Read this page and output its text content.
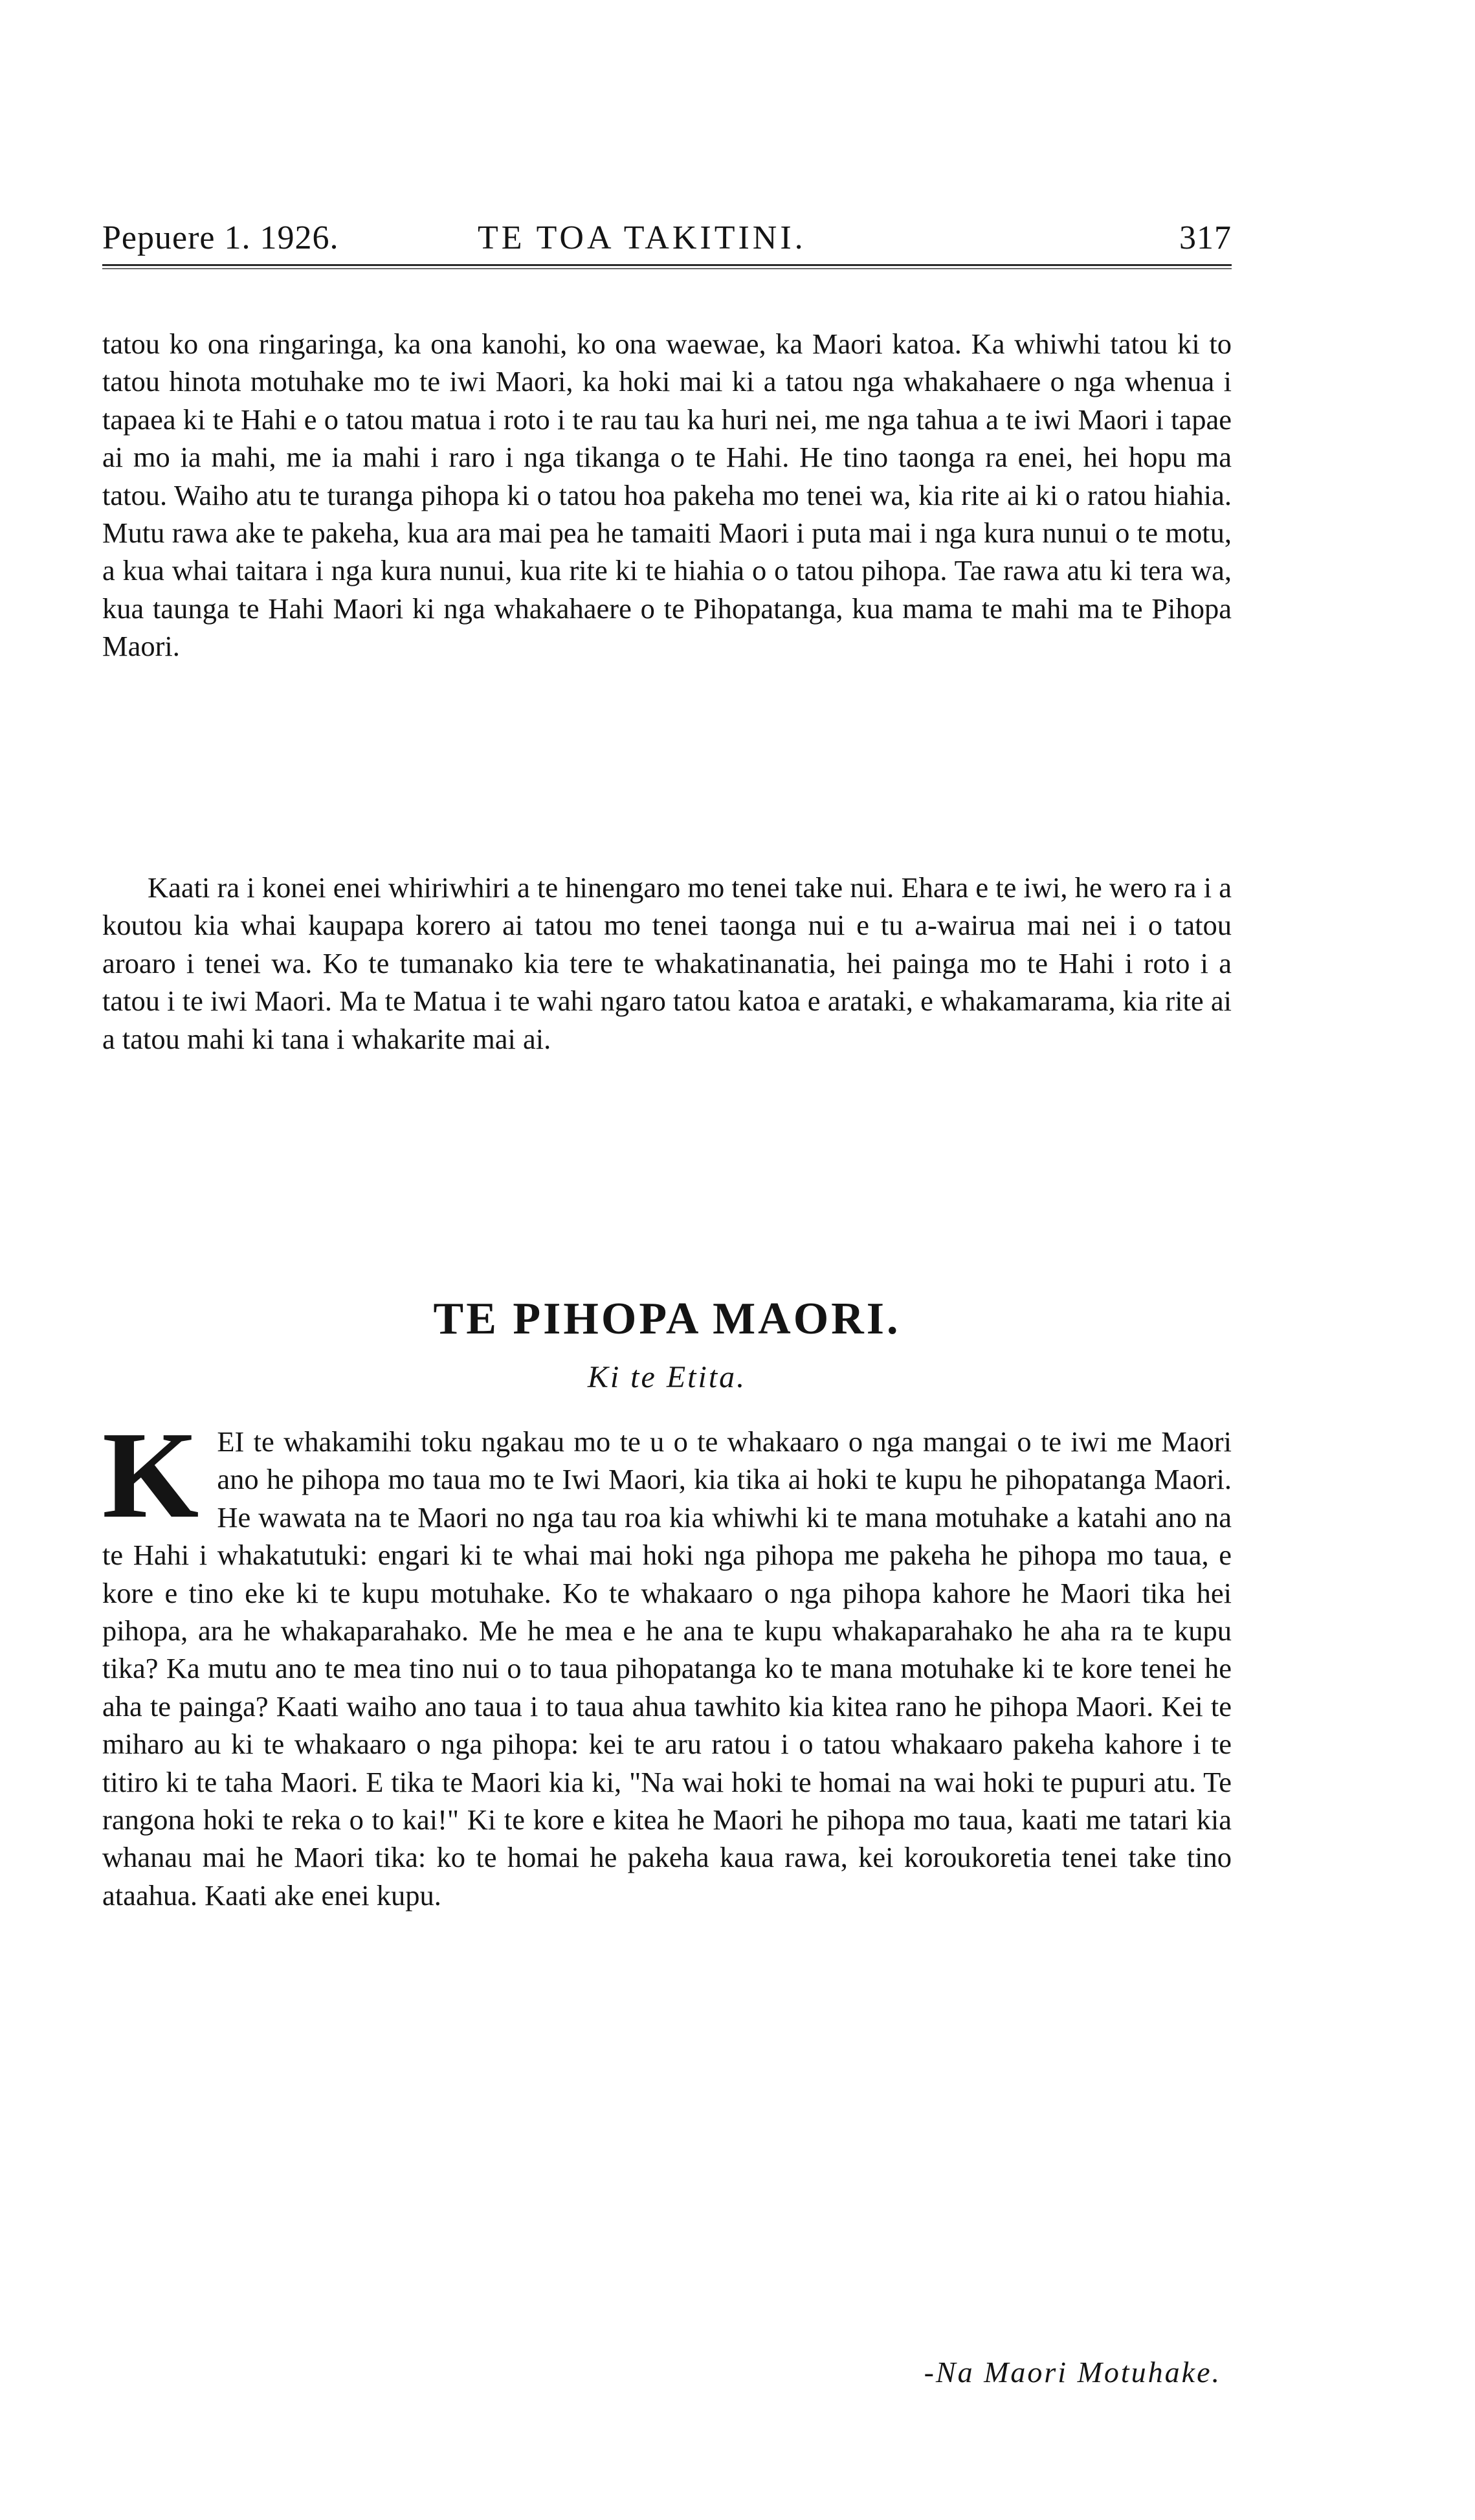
Pepuere 1. 1926.	TE TOA TAKITINI.	317

tatou ko ona ringaringa, ka ona kanohi, ko ona waewae, ka Maori katoa. Ka whiwhi tatou ki to tatou hinota motuhake mo te iwi Maori, ka hoki mai ki a tatou nga whakahaere o nga whenua i tapaea ki te Hahi e o tatou matua i roto i te rau tau ka huri nei, me nga tahua a te iwi Maori i tapae ai mo ia mahi, me ia mahi i raro i nga tikanga o te Hahi. He tino taonga ra enei, hei hopu ma tatou. Waiho atu te turanga pihopa ki o tatou hoa pakeha mo tenei wa, kia rite ai ki o ratou hiahia. Mutu rawa ake te pakeha, kua ara mai pea he tamaiti Maori i puta mai i nga kura nunui o te motu, a kua whai taitara i nga kura nunui, kua rite ki te hiahia o o tatou pihopa. Tae rawa atu ki tera wa, kua taunga te Hahi Maori ki nga whakahaere o te Pihopatanga, kua mama te mahi ma te Pihopa Maori.

Kaati ra i konei enei whiriwhiri a te hinengaro mo tenei take nui. Ehara e te iwi, he wero ra i a koutou kia whai kaupapa korero ai tatou mo tenei taonga nui e tu a-wairua mai nei i o tatou aroaro i tenei wa. Ko te tumanako kia tere te whakatinanatia, hei painga mo te Hahi i roto i a tatou i te iwi Maori. Ma te Matua i te wahi ngaro tatou katoa e arataki, e whakamarama, kia rite ai a tatou mahi ki tana i whakarite mai ai.

TE PIHOPA MAORI.

Ki te Etita.

KEI te whakamihi toku ngakau mo te u o te whakaaro o nga mangai o te iwi me Maori ano he pihopa mo taua mo te Iwi Maori, kia tika ai hoki te kupu he pihopatanga Maori. He wawata na te Maori no nga tau roa kia whiwhi ki te mana motuhake a katahi ano na te Hahi i whakatutuki: engari ki te whai mai hoki nga pihopa me pakeha he pihopa mo taua, e kore e tino eke ki te kupu motuhake. Ko te whakaaro o nga pihopa kahore he Maori tika hei pihopa, ara he whakaparahako. Me he mea e he ana te kupu whakaparahako he aha ra te kupu tika? Ka mutu ano te mea tino nui o to taua pihopatanga ko te mana motuhake ki te kore tenei he aha te painga? Kaati waiho ano taua i to taua ahua tawhito kia kitea rano he pihopa Maori. Kei te miharo au ki te whakaaro o nga pihopa: kei te aru ratou i o tatou whakaaro pakeha kahore i te titiro ki te taha Maori. E tika te Maori kia ki, "Na wai hoki te homai na wai hoki te pupuri atu. Te rangona hoki te reka o to kai!" Ki te kore e kitea he Maori he pihopa mo taua, kaati me tatari kia whanau mai he Maori tika: ko te homai he pakeha kaua rawa, kei koroukoretia tenei take tino ataahua. Kaati ake enei kupu.

-Na Maori Motuhake.
